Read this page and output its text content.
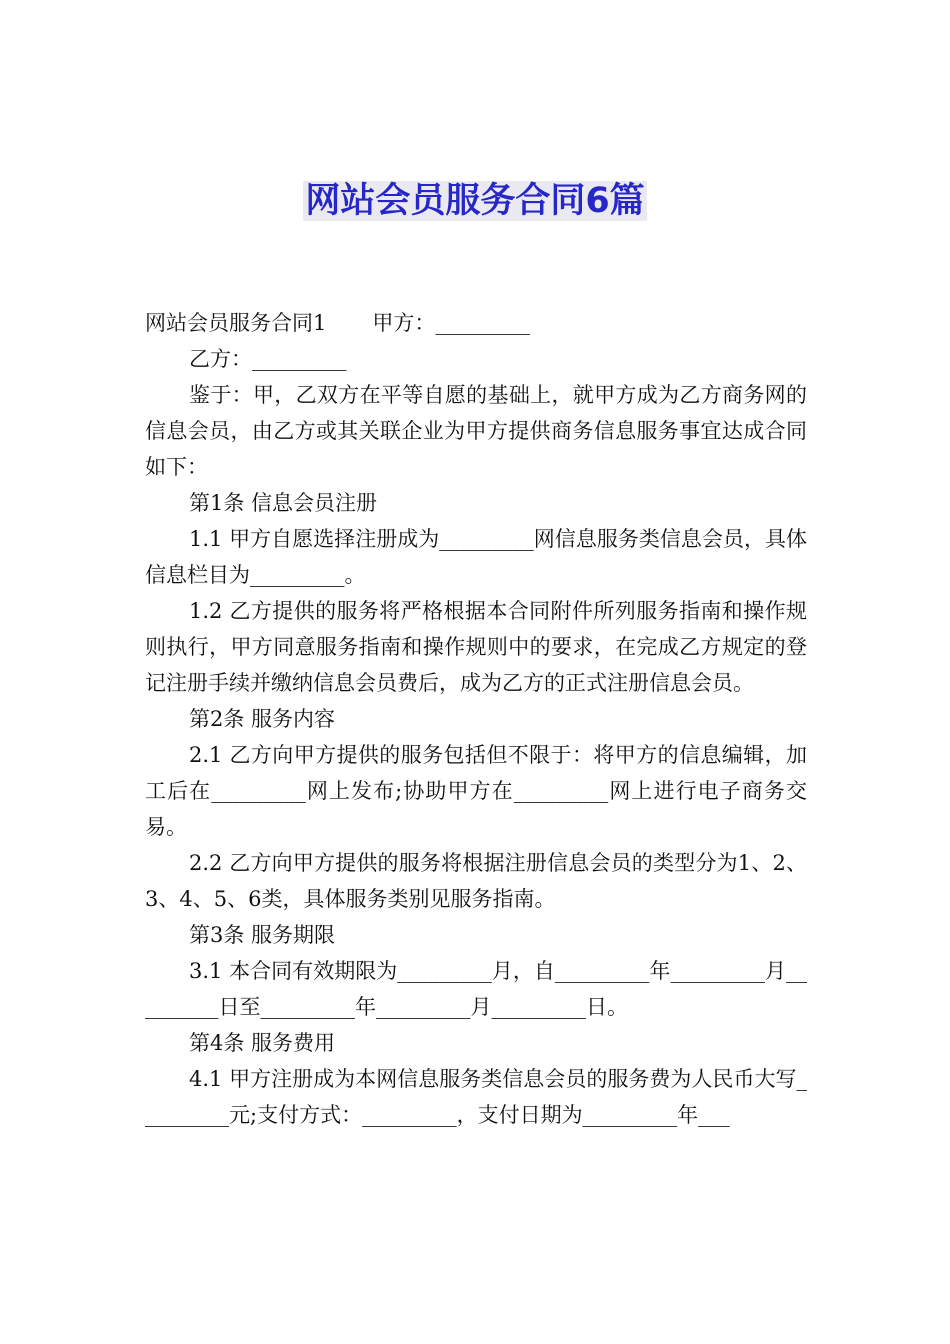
网站会员服务合同6篇

网站会员服务合同1 甲方：_________

乙方：_________

鉴于：甲，乙双方在平等自愿的基础上，就甲方成为乙方商务网的信息会员，由乙方或其关联企业为甲方提供商务信息服务事宜达成合同如下：

第1条 信息会员注册

1.1 甲方自愿选择注册成为_________网信息服务类信息会员，具体信息栏目为_________。

1.2 乙方提供的服务将严格根据本合同附件所列服务指南和操作规则执行，甲方同意服务指南和操作规则中的要求，在完成乙方规定的登记注册手续并缴纳信息会员费后，成为乙方的正式注册信息会员。

第2条 服务内容

2.1 乙方向甲方提供的服务包括但不限于：将甲方的信息编辑，加工后在_________网上发布;协助甲方在_________网上进行电子商务交易。

2.2 乙方向甲方提供的服务将根据注册信息会员的类型分为1、2、3、4、5、6类，具体服务类别见服务指南。

第3条 服务期限

3.1 本合同有效期限为_________月，自_________年_________月_________日至_________年_________月_________日。

第4条 服务费用

4.1 甲方注册成为本网信息服务类信息会员的服务费为人民币大写_________元;支付方式：_________，支付日期为_________年___
